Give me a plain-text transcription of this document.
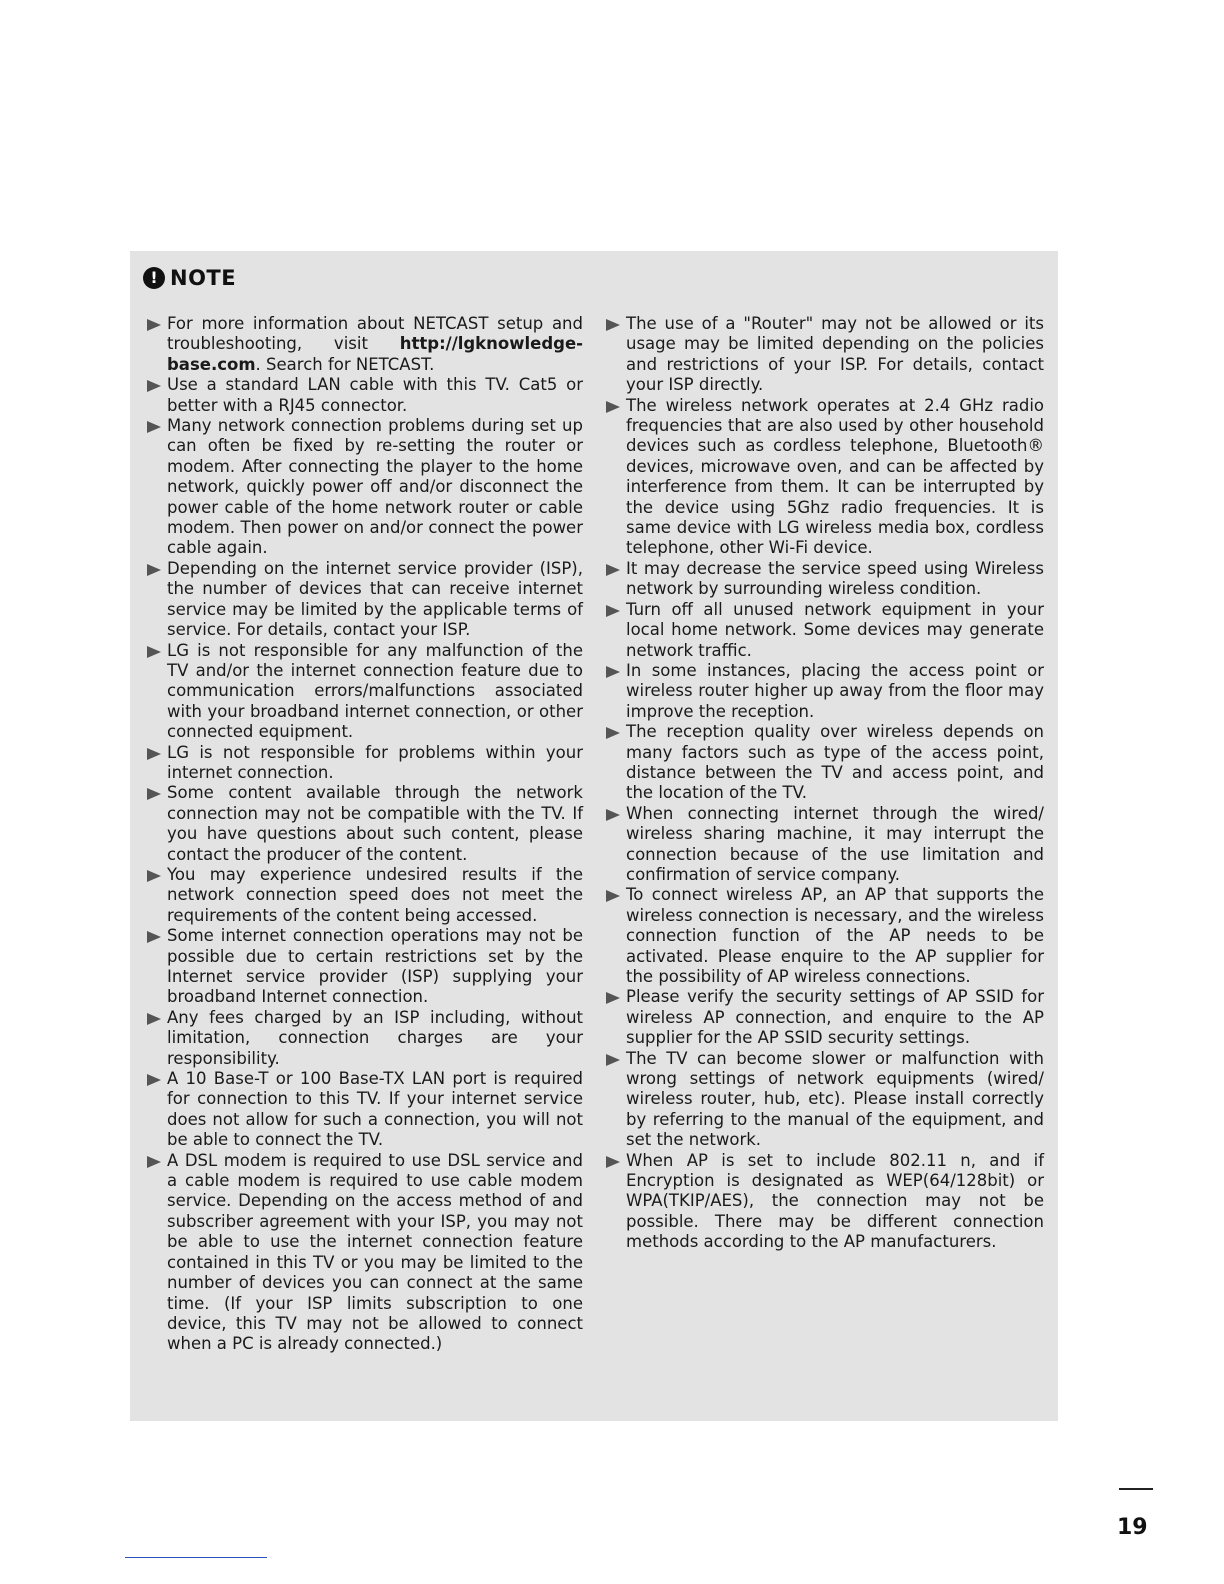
! NOTE
For more information about NETCAST setup and troubleshooting, visit http://lgknowledge-base.com. Search for NETCAST.
Use a standard LAN cable with this TV. Cat5 or better with a RJ45 connector.
Many network connection problems during set up can often be fixed by re-setting the router or modem. After connecting the player to the home network, quickly power off and/or disconnect the power cable of the home network router or cable modem. Then power on and/or connect the power cable again.
Depending on the internet service provider (ISP), the number of devices that can receive internet service may be limited by the applicable terms of service. For details, contact your ISP.
LG is not responsible for any malfunction of the TV and/or the internet connection feature due to communication errors/malfunctions associated with your broadband internet connection, or other connected equipment.
LG is not responsible for problems within your internet connection.
Some content available through the network connection may not be compatible with the TV. If you have questions about such content, please contact the producer of the content.
You may experience undesired results if the network connection speed does not meet the requirements of the content being accessed.
Some internet connection operations may not be possible due to certain restrictions set by the Internet service provider (ISP) supplying your broadband Internet connection.
Any fees charged by an ISP including, without limitation, connection charges are your responsibility.
A 10 Base-T or 100 Base-TX LAN port is required for connection to this TV. If your internet service does not allow for such a connection, you will not be able to connect the TV.
A DSL modem is required to use DSL service and a cable modem is required to use cable modem service. Depending on the access method of and subscriber agreement with your ISP, you may not be able to use the internet connection feature contained in this TV or you may be limited to the number of devices you can connect at the same time. (If your ISP limits subscription to one device, this TV may not be allowed to connect when a PC is already connected.)
The use of a "Router" may not be allowed or its usage may be limited depending on the policies and restrictions of your ISP. For details, contact your ISP directly.
The wireless network operates at 2.4 GHz radio frequencies that are also used by other household devices such as cordless telephone, Bluetooth® devices, microwave oven, and can be affected by interference from them. It can be interrupted by the device using 5Ghz radio frequencies. It is same device with LG wireless media box, cordless telephone, other Wi-Fi device.
It may decrease the service speed using Wireless network by surrounding wireless condition.
Turn off all unused network equipment in your local home network. Some devices may generate network traffic.
In some instances, placing the access point or wireless router higher up away from the floor may improve the reception.
The reception quality over wireless depends on many factors such as type of the access point, distance between the TV and access point, and the location of the TV.
When connecting internet through the wired/ wireless sharing machine, it may interrupt the connection because of the use limitation and confirmation of service company.
To connect wireless AP, an AP that supports the wireless connection is necessary, and the wireless connection function of the AP needs to be activated. Please enquire to the AP supplier for the possibility of AP wireless connections.
Please verify the security settings of AP SSID for wireless AP connection, and enquire to the AP supplier for the AP SSID security settings.
The TV can become slower or malfunction with wrong settings of network equipments (wired/ wireless router, hub, etc). Please install correctly by referring to the manual of the equipment, and set the network.
When AP is set to include 802.11 n, and if Encryption is designated as WEP(64/128bit) or WPA(TKIP/AES), the connection may not be possible. There may be different connection methods according to the AP manufacturers.
19
